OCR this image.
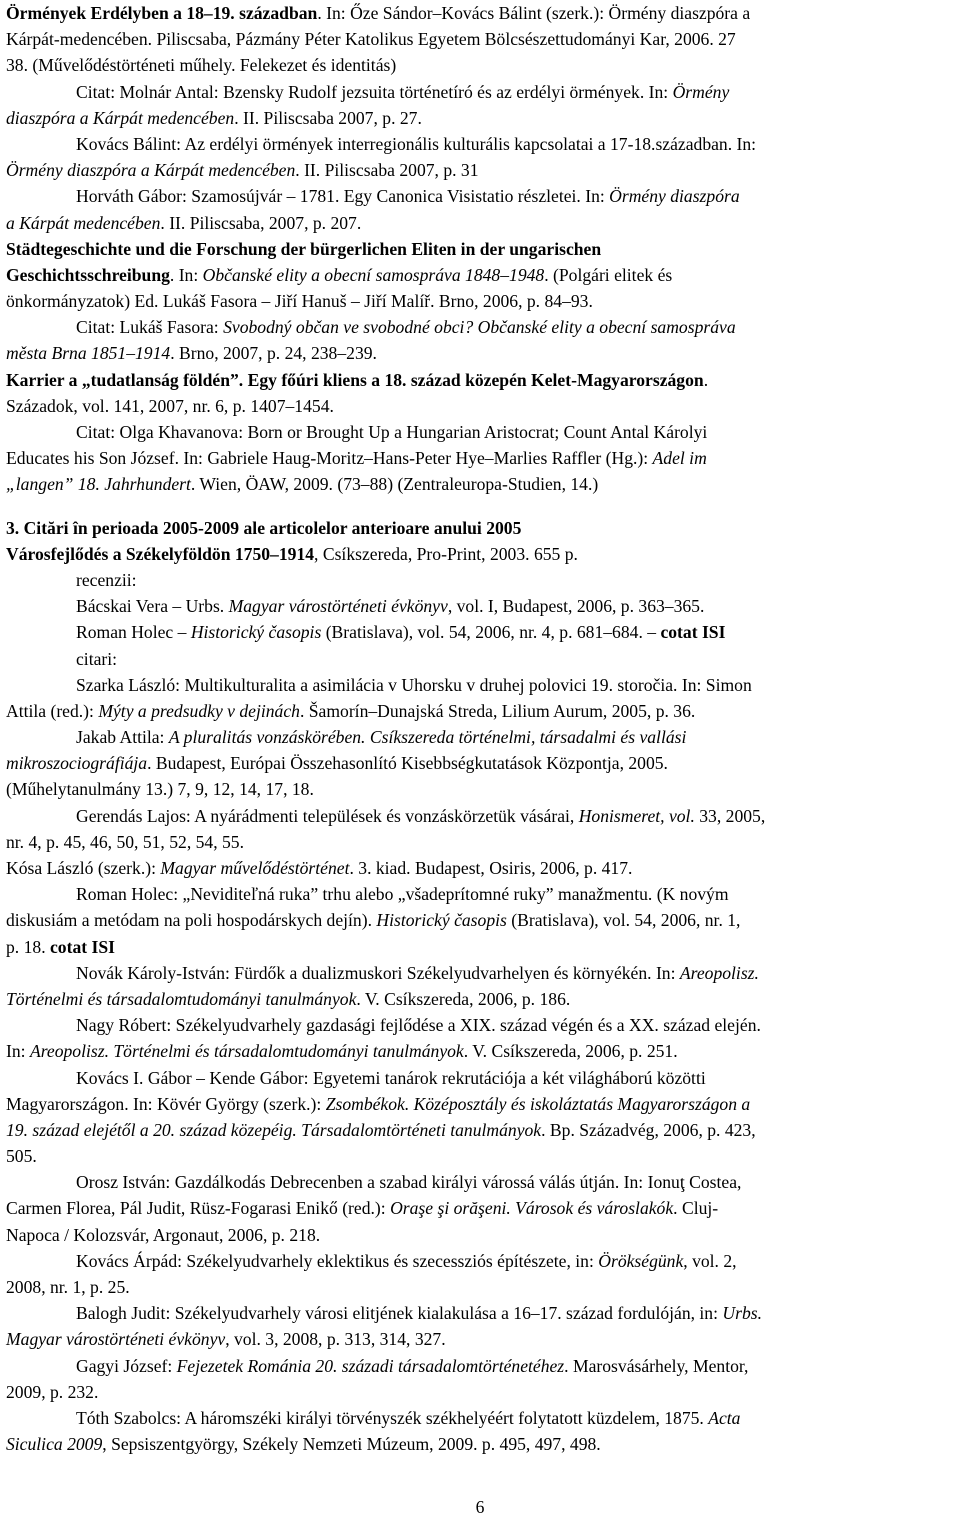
Örmények Erdélyben a 18–19. században. In: Őze Sándor–Kovács Bálint (szerk.): Örmény diaszpóra a
Kárpát-medencében. Piliscsaba, Pázmány Péter Katolikus Egyetem Bölcsészettudományi Kar, 2006. 27
38. (Művelődéstörténeti műhely. Felekezet és identitás)
Citat: Molnár Antal: Bzensky Rudolf jezsuita történetíró és az erdélyi örmények. In: Örmény
diaszpóra a Kárpát medencében. II. Piliscsaba 2007, p. 27.
Kovács Bálint: Az erdélyi örmények interregionális kulturális kapcsolatai a 17-18.században. In:
Örmény diaszpóra a Kárpát medencében. II. Piliscsaba 2007, p. 31
Horváth Gábor: Szamosújvár – 1781. Egy Canonica Visistatio részletei. In: Örmény diaszpóra
a Kárpát medencében. II. Piliscsaba, 2007, p. 207.
Städtegeschichte und die Forschung der bürgerlichen Eliten in der ungarischen
Geschichtsschreibung. In: Občanské elity a obecní samospráva 1848–1948. (Polgári elitek és
önkormányzatok) Ed. Lukáš Fasora – Jiří Hanuš – Jiří Malíř. Brno, 2006, p. 84–93.
Citat: Lukáš Fasora: Svobodný občan ve svobodné obci? Občanské elity a obecní samospráva
města Brna 1851–1914. Brno, 2007, p. 24, 238–239.
Karrier a „tudatlanság földén”. Egy főúri kliens a 18. század közepén Kelet-Magyarországon.
Századok, vol. 141, 2007, nr. 6, p. 1407–1454.
Citat: Olga Khavanova: Born or Brought Up a Hungarian Aristocrat; Count Antal Károlyi
Educates his Son József. In: Gabriele Haug-Moritz–Hans-Peter Hye–Marlies Raffler (Hg.): Adel im
„langen” 18. Jahrhundert. Wien, ÖAW, 2009. (73–88) (Zentraleuropa-Studien, 14.)
3. Citări în perioada 2005-2009 ale articolelor anterioare anului 2005
Városfejlődés a Székelyföldön 1750–1914, Csíkszereda, Pro-Print, 2003. 655 p.
recenzii:
Bácskai Vera – Urbs. Magyar várostörténeti évkönyv, vol. I, Budapest, 2006, p. 363–365.
Roman Holec – Historický časopis (Bratislava), vol. 54, 2006, nr. 4, p. 681–684. – cotat ISI
citari:
Szarka László: Multikulturalita a asimilácia v Uhorsku v druhej polovici 19. storočia. In: Simon
Attila (red.): Mýty a predsudky v dejinách. Šamorín–Dunajská Streda, Lilium Aurum, 2005, p. 36.
Jakab Attila: A pluralitás vonzáskörében. Csíkszereda történelmi, társadalmi és vallási
mikroszociográfiája. Budapest, Európai Összehasonlító Kisebbségkutatások Központja, 2005.
(Műhelytanulmány 13.) 7, 9, 12, 14, 17, 18.
Gerendás Lajos: A nyárádmenti települések és vonzáskörzetük vásárai, Honismeret, vol. 33, 2005,
nr. 4, p. 45, 46, 50, 51, 52, 54, 55.
Kósa László (szerk.): Magyar művelődéstörténet. 3. kiad. Budapest, Osiris, 2006, p. 417.
Roman Holec: „Neviditeľná ruka” trhu alebo „všadeprítomné ruky” manažmentu. (K novým
diskusiám a metódam na poli hospodárskych dejín). Historický časopis (Bratislava), vol. 54, 2006, nr. 1,
p. 18. cotat ISI
Novák Károly-István: Fürdők a dualizmuskori Székelyudvarhelyen és környékén. In: Areopolisz.
Történelmi és társadalomtudományi tanulmányok. V. Csíkszereda, 2006, p. 186.
Nagy Róbert: Székelyudvarhely gazdasági fejlődése a XIX. század végén és a XX. század elején.
In: Areopolisz. Történelmi és társadalomtudományi tanulmányok. V. Csíkszereda, 2006, p. 251.
Kovács I. Gábor – Kende Gábor: Egyetemi tanárok rekrutációja a két világháború közötti
Magyarországon. In: Kövér György (szerk.): Zsombékok. Középosztály és iskoláztatás Magyarországon a
19. század elejétől a 20. század közepéig. Társadalomtörténeti tanulmányok. Bp. Századvég, 2006, p. 423,
505.
Orosz István: Gazdálkodás Debrecenben a szabad királyi várossá válás útján. In: Ionuţ Costea,
Carmen Florea, Pál Judit, Rüsz-Fogarasi Enikő (red.): Oraşe şi orăşeni. Városok és városlakók. Cluj-
Napoca / Kolozsvár, Argonaut, 2006, p. 218.
Kovács Árpád: Székelyudvarhely eklektikus és szecessziós építészete, in: Örökségünk, vol. 2,
2008, nr. 1, p. 25.
Balogh Judit: Székelyudvarhely városi elitjének kialakulása a 16–17. század fordulóján, in: Urbs.
Magyar várostörténeti évkönyv, vol. 3, 2008, p. 313, 314, 327.
Gagyi József: Fejezetek Románia 20. századi társadalomtörténetéhez. Marosvásárhely, Mentor,
2009, p. 232.
Tóth Szabolcs: A háromszéki királyi törvényszék székhelyéért folytatott küzdelem, 1875. Acta
Siculica 2009, Sepsiszentgyörgy, Székely Nemzeti Múzeum, 2009. p. 495, 497, 498.
6
